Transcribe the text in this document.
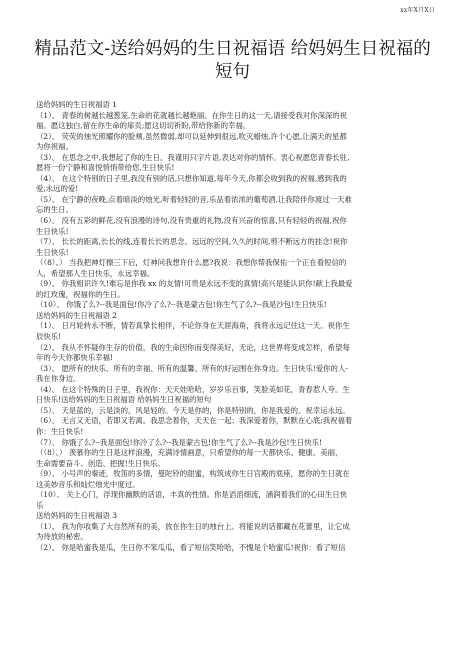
xx年X月X日
精品范文-送给妈妈的生日祝福语 给妈妈生日祝福的
短句
送给妈妈的生日祝福语 1
（1）、 青春的树越长越葱笼,生命的花就越长越艳丽。在你生日的这一天,请接受我对你深深的祝
福。愿这独白,留在你生命的扉页;愿这切切祈盼,带给你新的幸福。
（2）、 荧荧的烛光照耀你的脸颊,虽然微弱,却可以延伸到很远,吹灭蜡烛,许个心愿,让满天的星都
为你祝福。
（3）、 在思念之中,我想起了你的生日。我谨用只字片语,表达对你的情怀。衷心祝愿您青春长驻,
愿将一份宁静和喜悦悄悄带给您,生日快乐!
（4）、 在这个特别的日子里,我没有别的话,只想你知道,每年今天,你都会收到我的祝福,感到我的
爱,永远的爱!
（5）、 在宁静的夜晚,点着暗淡的烛光,听着轻轻的音,乐品着浓浓的葡萄酒,让我陪伴你渡过一天难
忘的生日。
（6）、 没有五彩的鲜花,没有浪漫的诗句,没有贵重的礼物,没有兴奋的惊喜,只有轻轻的祝福,祝你
生日快乐!
（7）、 长长的距离,长长的线,连着长长的思念。远远的空间,久久的时间,剪不断远方的挂念!祝你
生日快乐!
（（8）、） 当我把神灯擦三下后，灯神问我想许什么愿?我说：我想你帮我保佑一个正在看短信的
人，希望那人生日快乐，永远幸福。
（9）、 你我相识许久!难忘是你我 xx 的友情!可贵是永远不变的真情!高兴是能认识你!献上我最爱
的红玫瑰，祝福你的生日。
（10）、 你饿了么?--我是面包!你冷了么?--我是蒙古包!你生气了么?--我是沙包!生日快乐!
送给妈妈的生日祝福语 2
（1）、 日月轮转永不断，情若真挚长相伴，不论你身在天涯海角，我将永远记住这一天。祝你生
辰快乐!
（2）、 我从不怀疑你生存的价值，我的生命因你而变得美好，无论，这世界将变成怎样，希望每
年的今天你都快乐幸福!
（3）、 愿所有的快乐、所有的幸福、所有的温馨、所有的好运围在你身边。生日快乐!爱你的人-
我在你身边。
（4）、 在这个特殊的日子里，我祝你：天天娃哈哈，岁岁乐百事，笑脸美如花，青春惹人夸。生
日快乐!送给妈妈的生日祝福语 给妈妈生日祝福的短句
（5）、 天是蓝的，云是淡的，风是轻的。今天是你的，你是特别的，你是我爱的。祝幸运永远。
（6）、 无言又无语，若即又若离。我思念着你，天天在一起；我深爱着你，默默在心底;我祝福着
你：生日快乐!
（7）、 你饿了么?--我是面包!你冷了么?--我是蒙古包!你生气了么?--我是沙包!生日快乐!
（（8）、） 羡慕你的生日是这样浪漫，充满诗情画意，只希望你的每一天都快乐、健康、美丽，
生命需要奋斗、创造、把握!生日快乐。
（9）、 小号声的秦迹，牧笛的多情，曼陀铃的甜蜜，构筑成你生日宫殿的底座，愿你的生日就在
这美妙音乐和灿烂烛光中度过。
（10）、 关上心门，浮现你幽默的话语，丰真的性情。你是滔滔细流，涵润着我们的心田生日快
乐
送给妈妈的生日祝福语 3
（1）、 我为你收集了大自然所有的美，放在你生日的烛台上。将能说的话都藏在花蕾里，让它成
为待放的秘密。
（2）、 你是哈蜜我是瓜，生日你不笨瓜瓜，看了短信笑哈哈，不愧是个哈蜜瓜!祝你：看了短信
